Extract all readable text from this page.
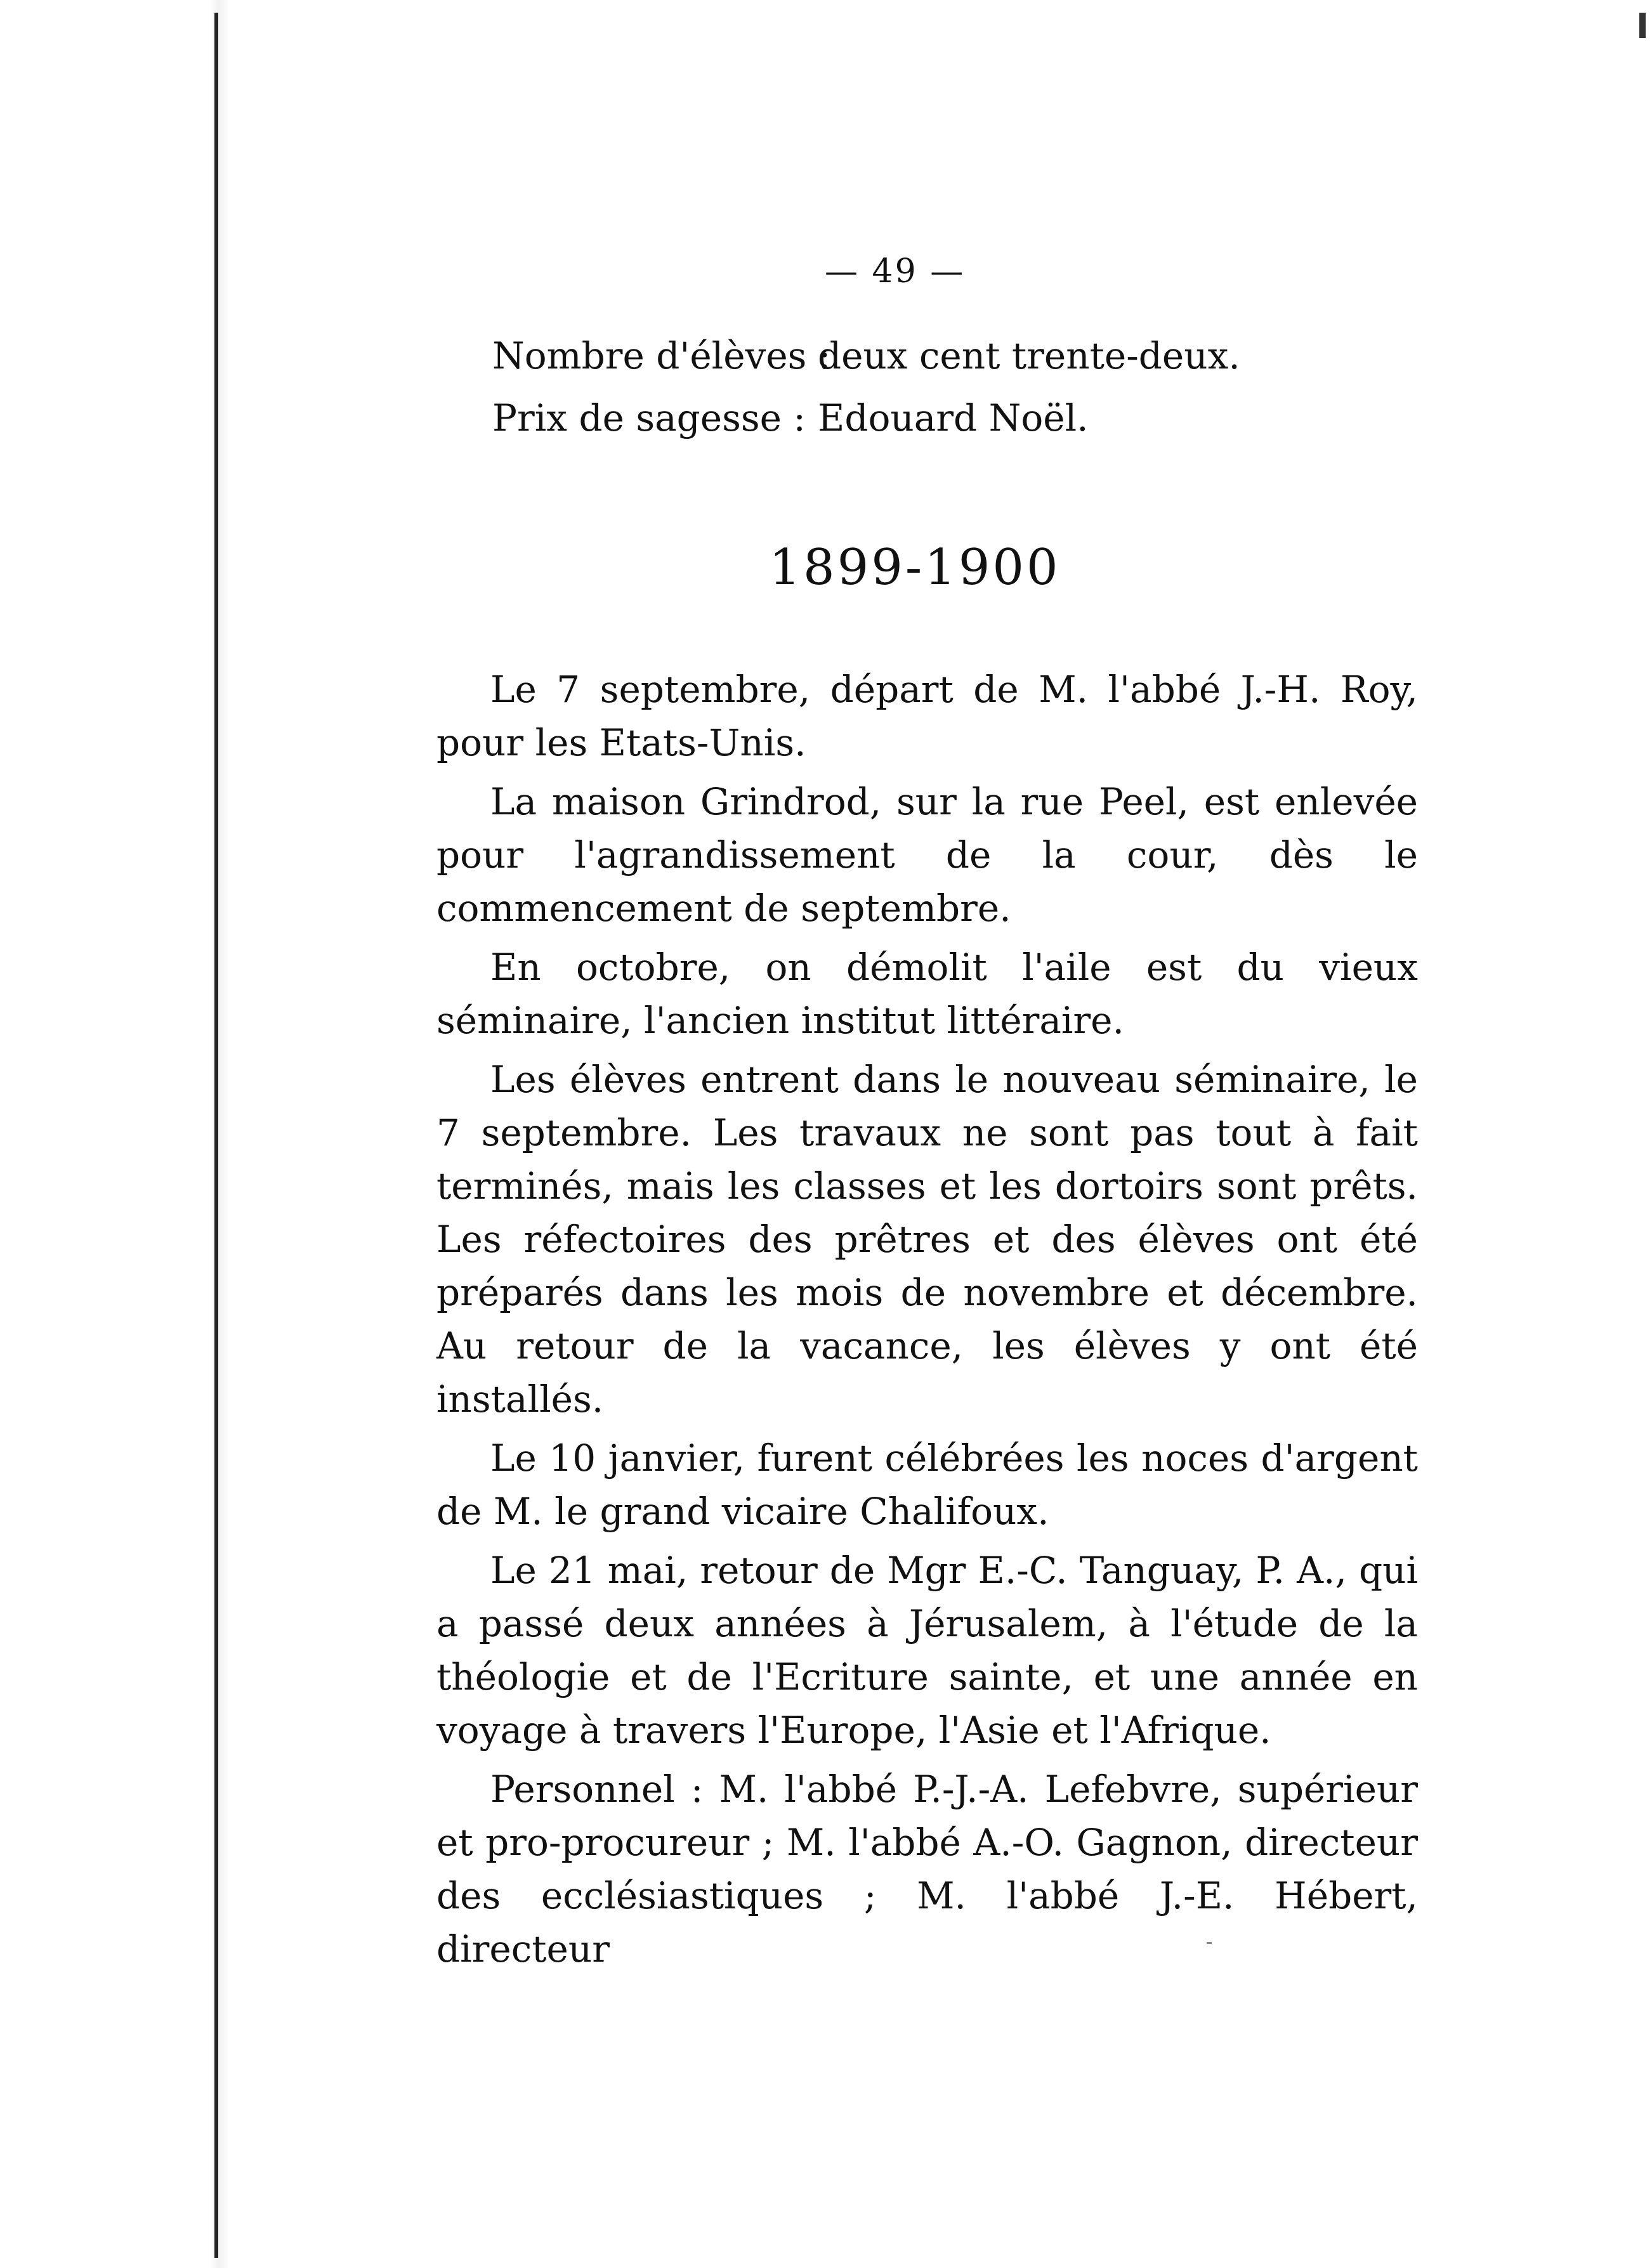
— 49 —
Nombre d'élèves :
deux cent trente-deux.
Prix de sagesse : Edouard Noël.
1899-1900

Le 7 septembre, départ de M. l'abbé J.-H. Roy, pour les Etats-Unis.

La maison Grindrod, sur la rue Peel, est enlevée pour l'agrandissement de la cour, dès le commencement de septembre.

En octobre, on démolit l'aile est du vieux séminaire, l'ancien institut littéraire.

Les élèves entrent dans le nouveau séminaire, le 7 septembre. Les travaux ne sont pas tout à fait terminés, mais les classes et les dortoirs sont prêts. Les réfectoires des prêtres et des élèves ont été préparés dans les mois de novembre et décembre. Au retour de la vacance, les élèves y ont été installés.

Le 10 janvier, furent célébrées les noces d'argent de M. le grand vicaire Chalifoux.

Le 21 mai, retour de Mgr E.-C. Tanguay, P. A., qui a passé deux années à Jérusalem, à l'étude de la théologie et de l'Ecriture sainte, et une année en voyage à travers l'Europe, l'Asie et l'Afrique.

Personnel : M. l'abbé P.-J.-A. Lefebvre, supérieur et pro-procureur ; M. l'abbé A.-O. Gagnon, directeur des ecclésiastiques ; M. l'abbé J.-E. Hébert, directeur
